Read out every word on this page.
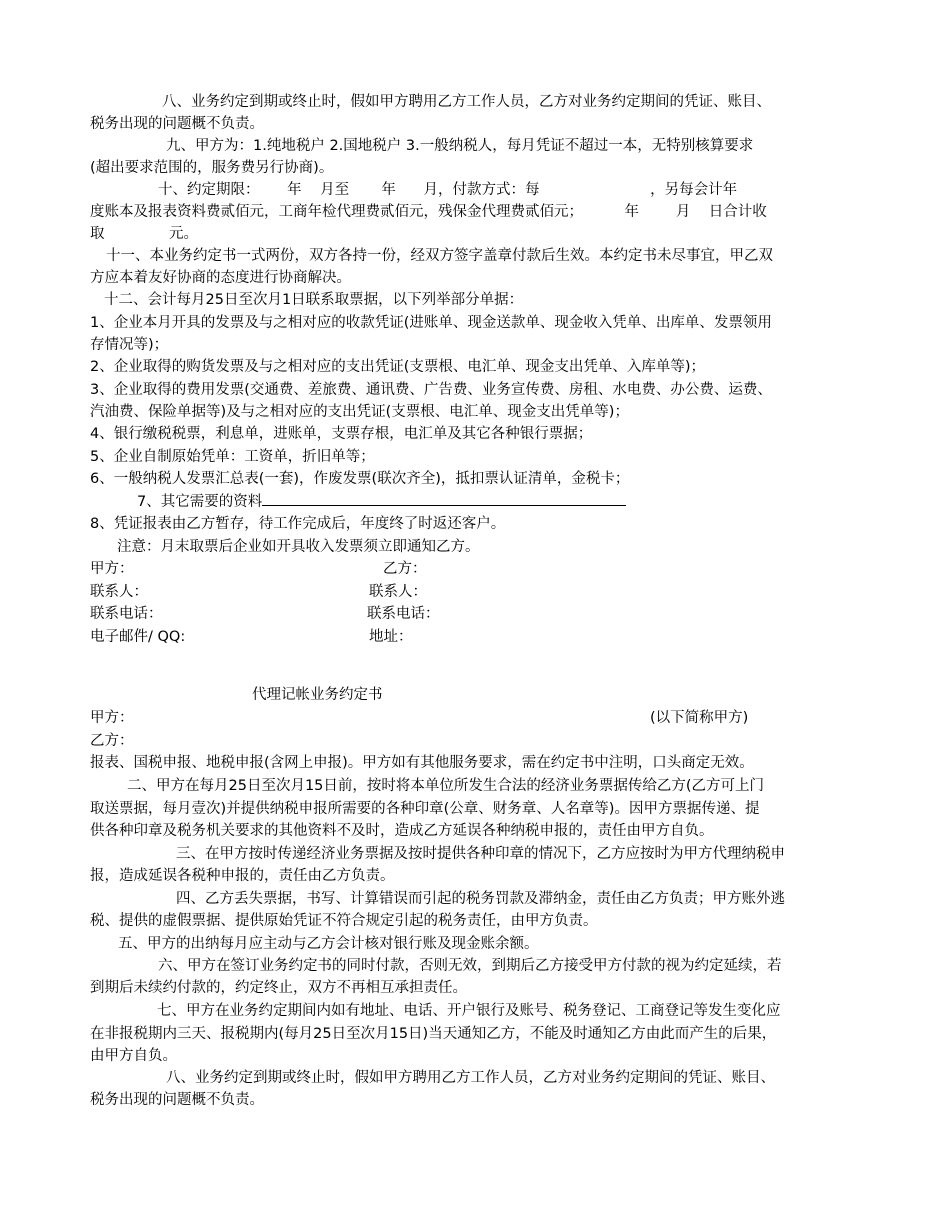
八、业务约定到期或终止时，假如甲方聘用乙方工作人员，乙方对业务约定期间的凭证、账目、
税务出现的问题概不负责。
九、甲方为：1.纯地税户 2.国地税户 3.一般纳税人，每月凭证不超过一本，无特别核算要求
(超出要求范围的，服务费另行协商)。
十、约定期限：      年    月至       年      月，付款方式：每                        ，另每会计年
度账本及报表资料费贰佰元，工商年检代理费贰佰元，残保金代理费贰佰元；         年        月    日合计收
取              元。
十一、本业务约定书一式两份，双方各持一份，经双方签字盖章付款后生效。本约定书未尽事宜，甲乙双
方应本着友好协商的态度进行协商解决。
十二、会计每月25日至次月1日联系取票据，以下列举部分单据：
1、企业本月开具的发票及与之相对应的收款凭证(进账单、现金送款单、现金收入凭单、出库单、发票领用
存情况等)；
2、企业取得的购货发票及与之相对应的支出凭证(支票根、电汇单、现金支出凭单、入库单等)；
3、企业取得的费用发票(交通费、差旅费、通讯费、广告费、业务宣传费、房租、水电费、办公费、运费、
汽油费、保险单据等)及与之相对应的支出凭证(支票根、电汇单、现金支出凭单等)；
4、银行缴税税票，利息单，进账单，支票存根，电汇单及其它各种银行票据；
5、企业自制原始凭单：工资单，折旧单等；
6、一般纳税人发票汇总表(一套)，作废发票(联次齐全)，抵扣票认证清单，金税卡；
7、其它需要的资料
8、凭证报表由乙方暂存，待工作完成后，年度终了时返还客户。
注意：月末取票后企业如开具收入发票须立即通知乙方。
甲方：	乙方：
联系人：	联系人：
联系电话：	联系电话：
电子邮件/ QQ:	地址：
代理记帐业务约定书
甲方：	(以下简称甲方)
乙方：
报表、国税申报、地税申报(含网上申报)。甲方如有其他服务要求，需在约定书中注明，口头商定无效。
二、甲方在每月25日至次月15日前，按时将本单位所发生合法的经济业务票据传给乙方(乙方可上门
取送票据，每月壹次)并提供纳税申报所需要的各种印章(公章、财务章、人名章等)。因甲方票据传递、提
供各种印章及税务机关要求的其他资料不及时，造成乙方延误各种纳税申报的，责任由甲方自负。
三、在甲方按时传递经济业务票据及按时提供各种印章的情况下，乙方应按时为甲方代理纳税申
报，造成延误各税种申报的，责任由乙方负责。
四、乙方丢失票据，书写、计算错误而引起的税务罚款及滞纳金，责任由乙方负责；甲方账外逃
税、提供的虚假票据、提供原始凭证不符合规定引起的税务责任，由甲方负责。
五、甲方的出纳每月应主动与乙方会计核对银行账及现金账余额。
六、甲方在签订业务约定书的同时付款，否则无效，到期后乙方接受甲方付款的视为约定延续，若
到期后未续约付款的，约定终止，双方不再相互承担责任。
七、甲方在业务约定期间内如有地址、电话、开户银行及账号、税务登记、工商登记等发生变化应
在非报税期内三天、报税期内(每月25日至次月15日)当天通知乙方，不能及时通知乙方由此而产生的后果，
由甲方自负。
八、业务约定到期或终止时，假如甲方聘用乙方工作人员，乙方对业务约定期间的凭证、账目、
税务出现的问题概不负责。
